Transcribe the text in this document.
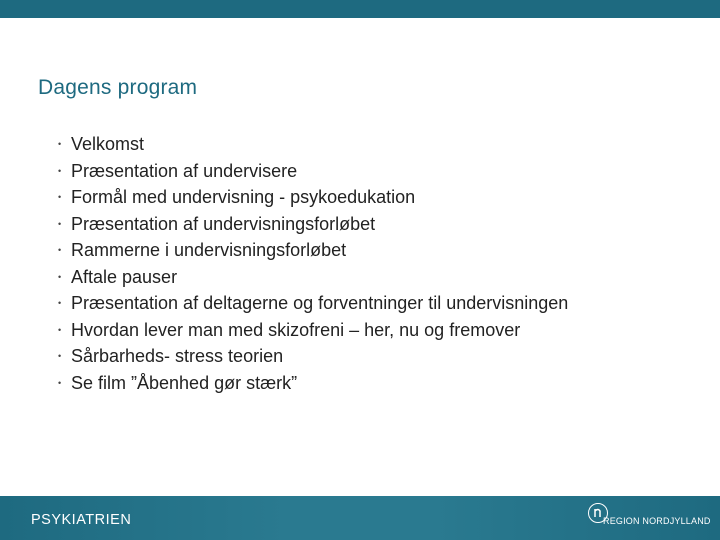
Dagens program
• Velkomst
• Præsentation af undervisere
• Formål med undervisning - psykoedukation
• Præsentation af undervisningsforløbet
• Rammerne i undervisningsforløbet
• Aftale pauser
• Præsentation af deltagerne og forventninger til undervisningen
• Hvordan lever man med skizofreni – her, nu og fremover
• Sårbarheds- stress teorien
• Se film ”Åbenhed gør stærk”
PSYKIATRIEN	REGION NORDJYLLAND
